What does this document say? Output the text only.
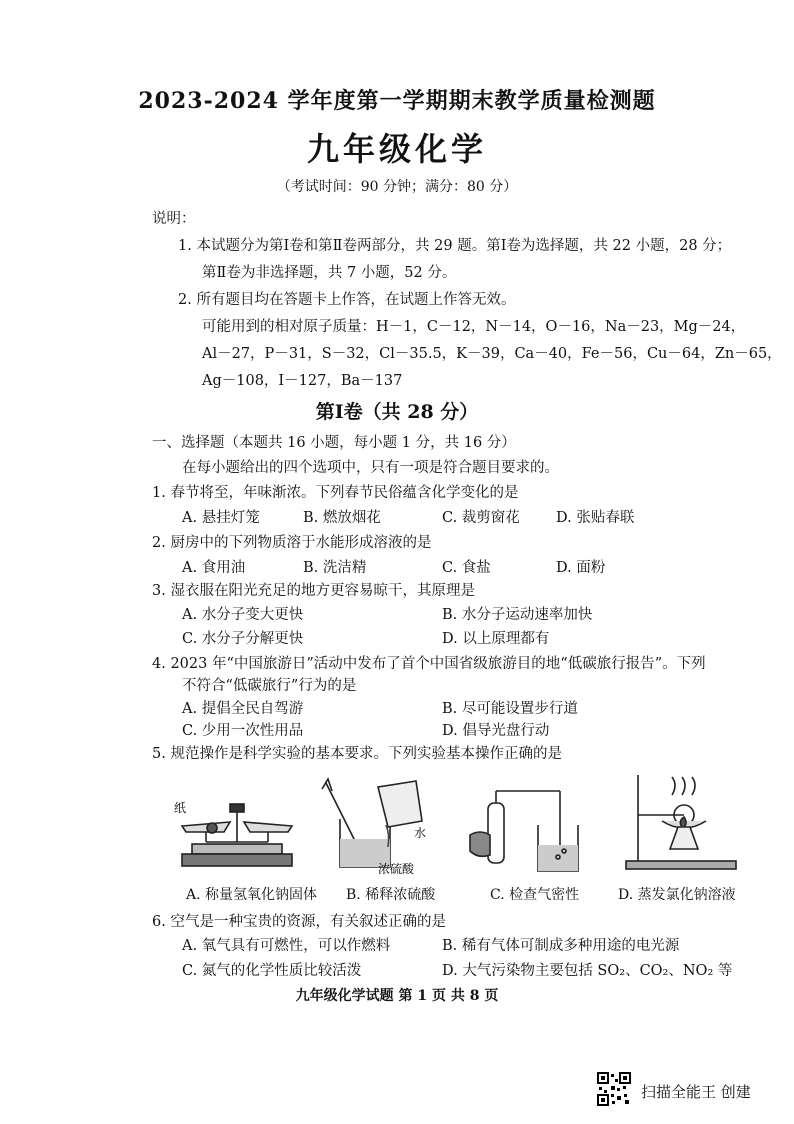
2023-2024 学年度第一学期期末教学质量检测题
九年级化学
（考试时间：90 分钟；满分：80 分）
说明：
1. 本试题分为第Ⅰ卷和第Ⅱ卷两部分，共 29 题。第Ⅰ卷为选择题，共 22 小题，28 分；
第Ⅱ卷为非选择题，共 7 小题，52 分。
2. 所有题目均在答题卡上作答，在试题上作答无效。
可能用到的相对原子质量：H－1，C－12，N－14，O－16，Na－23，Mg－24，
Al－27，P－31，S－32，Cl－35.5，K－39，Ca－40，Fe－56，Cu－64，Zn－65，
Ag－108，I－127，Ba－137
第Ⅰ卷（共 28 分）
一、选择题（本题共 16 小题，每小题 1 分，共 16 分）
在每小题给出的四个选项中，只有一项是符合题目要求的。
1. 春节将至，年味渐浓。下列春节民俗蕴含化学变化的是
A. 悬挂灯笼	B. 燃放烟花	C. 裁剪窗花 D. 张贴春联
2. 厨房中的下列物质溶于水能形成溶液的是
A. 食用油	B. 洗洁精	C. 食盐	D. 面粉
3. 湿衣服在阳光充足的地方更容易晾干，其原理是
A. 水分子变大更快	B. 水分子运动速率加快
C. 水分子分解更快	D. 以上原理都有
4. 2023 年“中国旅游日”活动中发布了首个中国省级旅游目的地“低碳旅行报告”。下列
不符合“低碳旅行”行为的是
A. 提倡全民自驾游	B. 尽可能设置步行道
C. 少用一次性用品	D. 倡导光盘行动
5. 规范操作是科学实验的基本要求。下列实验基本操作正确的是
纸
水
浓硫酸
A. 称量氢氧化钠固体 B. 稀释浓硫酸	C. 检查气密性	D. 蒸发氯化钠溶液
6. 空气是一种宝贵的资源，有关叙述正确的是
A. 氧气具有可燃性，可以作燃料	B. 稀有气体可制成多种用途的电光源
C. 氮气的化学性质比较活泼	D. 大气污染物主要包括 SO₂、CO₂、NO₂ 等
九年级化学试题 第 1 页 共 8 页
扫描全能王 创建
